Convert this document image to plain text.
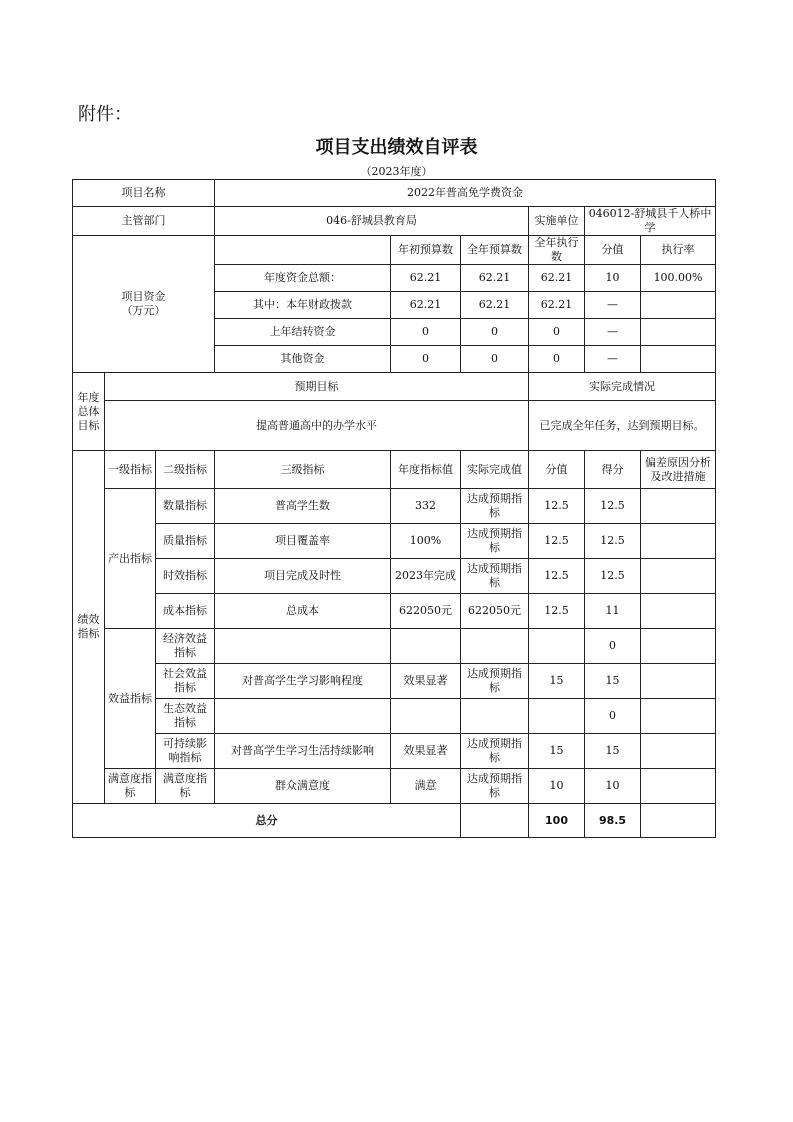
附件：
项目支出绩效自评表
（2023年度）
项目名称			2022年普高免学费资金						
主管部门			046-舒城县教育局			实施单位	046012-舒城县千人桥中学		
项目资金
（万元）				年初预算数	全年预算数	全年执行数	分值	执行率	
			年度资金总额：	62.21	62.21	62.21	10	100.00%	
			其中：本年财政拨款	62.21	62.21	62.21	—		
			上年结转资金	0	0	0	—		
			其他资金	0	0	0	—		
年度
总体
目标	预期目标					实际完成情况			
	提高普通高中的办学水平					已完成全年任务，达到预期目标。			
绩效
指标	一级指标	二级指标	三级指标	年度指标值	实际完成值	分值	得分	偏差原因分析及改进措施	
	产出指标	数量指标	普高学生数	332	达成预期指标	12.5	12.5		
		质量指标	项目覆盖率	100%	达成预期指标	12.5	12.5		
		时效指标	项目完成及时性	2023年完成	达成预期指标	12.5	12.5		
		成本指标	总成本	622050元	622050元	12.5	11		
	效益指标	经济效益指标					0		
		社会效益指标	对普高学生学习影响程度	效果显著	达成预期指标	15	15		
		生态效益指标					0		
		可持续影响指标	对普高学生学习生活持续影响	效果显著	达成预期指标	15	15		
	满意度指标	满意度指标	群众满意度	满意	达成预期指标	10	10		
总分						100	98.5		
